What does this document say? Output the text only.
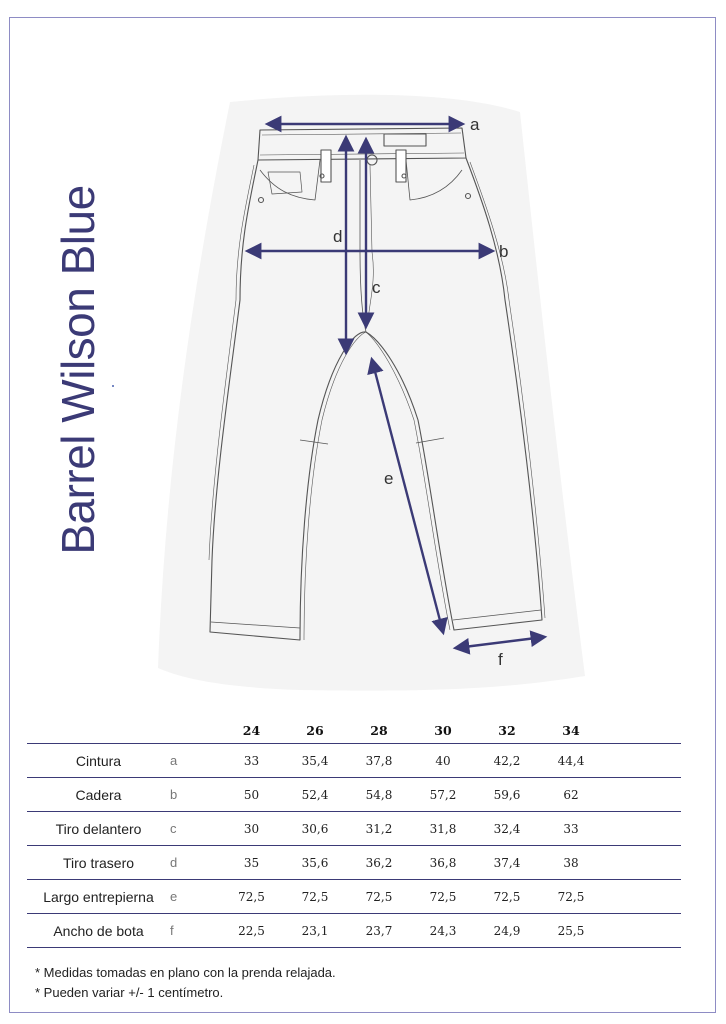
Barrel Wilson Blue
a
b
c
d
e
f
		24	26	28	30	32	34	
Cintura	a	33	35,4	37,8	40	42,2	44,4	
Cadera	b	50	52,4	54,8	57,2	59,6	62	
Tiro delantero	c	30	30,6	31,2	31,8	32,4	33	
Tiro trasero	d	35	35,6	36,2	36,8	37,4	38	
Largo entrepierna	e	72,5	72,5	72,5	72,5	72,5	72,5	
Ancho de bota	f	22,5	23,1	23,7	24,3	24,9	25,5	
* Medidas tomadas en plano con la prenda relajada.
* Pueden variar +/- 1 centímetro.
